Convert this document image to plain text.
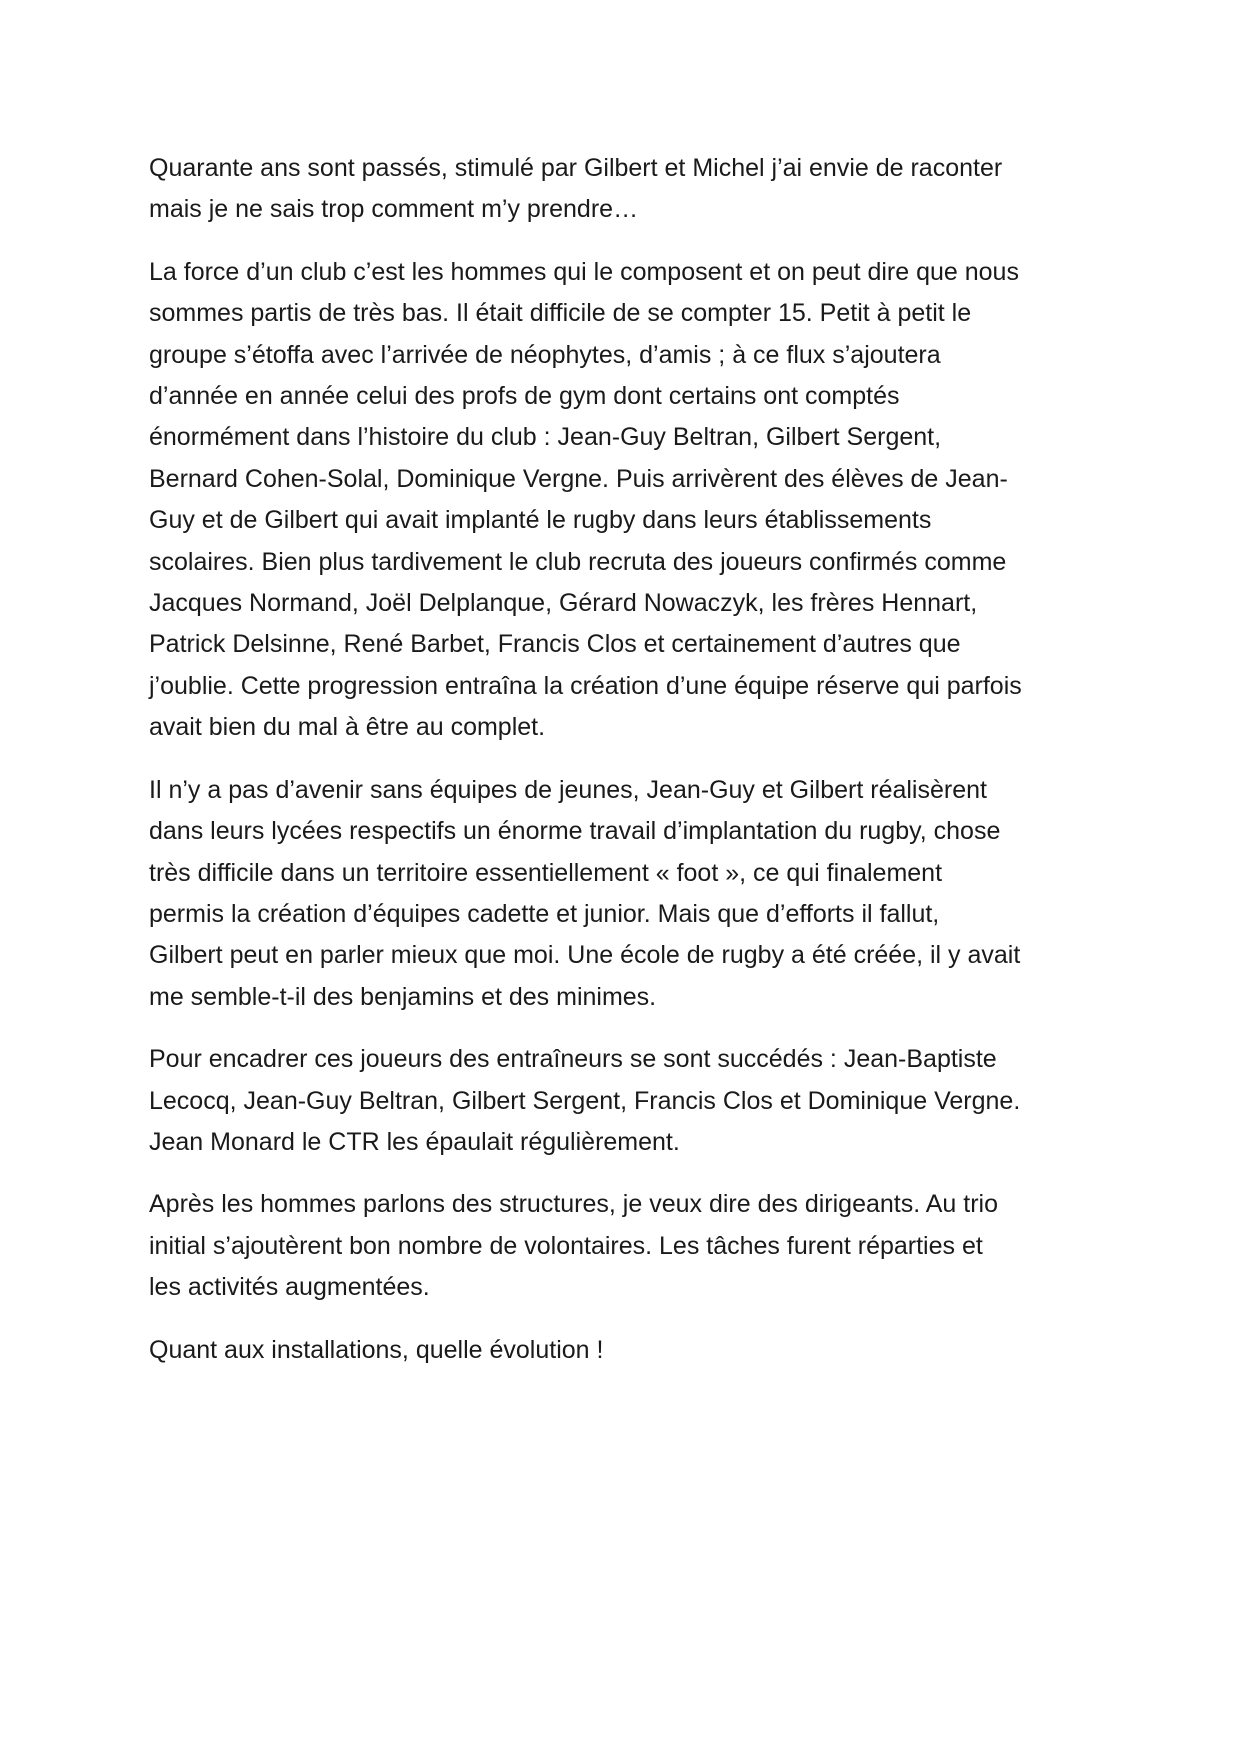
Quarante ans sont passés, stimulé par Gilbert et Michel j’ai envie de raconter
mais je ne sais trop comment m’y prendre…
La force d’un club c’est les hommes qui le composent et on peut dire que nous
sommes partis de très bas. Il était difficile de se compter 15. Petit à petit le
groupe s’étoffa avec l’arrivée de néophytes, d’amis ; à ce flux s’ajoutera
d’année en année celui des profs de gym dont certains ont comptés
énormément dans l’histoire du club : Jean-Guy Beltran, Gilbert Sergent,
Bernard Cohen-Solal, Dominique Vergne. Puis arrivèrent des élèves de Jean-
Guy et de Gilbert qui avait implanté le rugby dans leurs établissements
scolaires. Bien plus tardivement le club recruta des joueurs confirmés comme
Jacques Normand, Joël Delplanque, Gérard Nowaczyk, les frères Hennart,
Patrick Delsinne, René Barbet, Francis Clos et certainement d’autres que
j’oublie. Cette progression entraîna la création d’une équipe réserve qui parfois
avait bien du mal à être au complet.
Il n’y a pas d’avenir sans équipes de jeunes, Jean-Guy et Gilbert réalisèrent
dans leurs lycées respectifs un énorme travail d’implantation du rugby, chose
très difficile dans un territoire essentiellement « foot », ce qui finalement
permis la création d’équipes cadette et junior. Mais que d’efforts il fallut,
Gilbert peut en parler mieux que moi. Une école de rugby a été créée, il y avait
me semble-t-il des benjamins et des minimes.
Pour encadrer ces joueurs des entraîneurs se sont succédés : Jean-Baptiste
Lecocq, Jean-Guy Beltran, Gilbert Sergent, Francis Clos et Dominique Vergne.
Jean Monard le CTR les épaulait régulièrement.
Après les hommes parlons des structures, je veux dire des dirigeants. Au trio
initial s’ajoutèrent bon nombre de volontaires. Les tâches furent réparties et
les activités augmentées.
Quant aux installations, quelle évolution !
